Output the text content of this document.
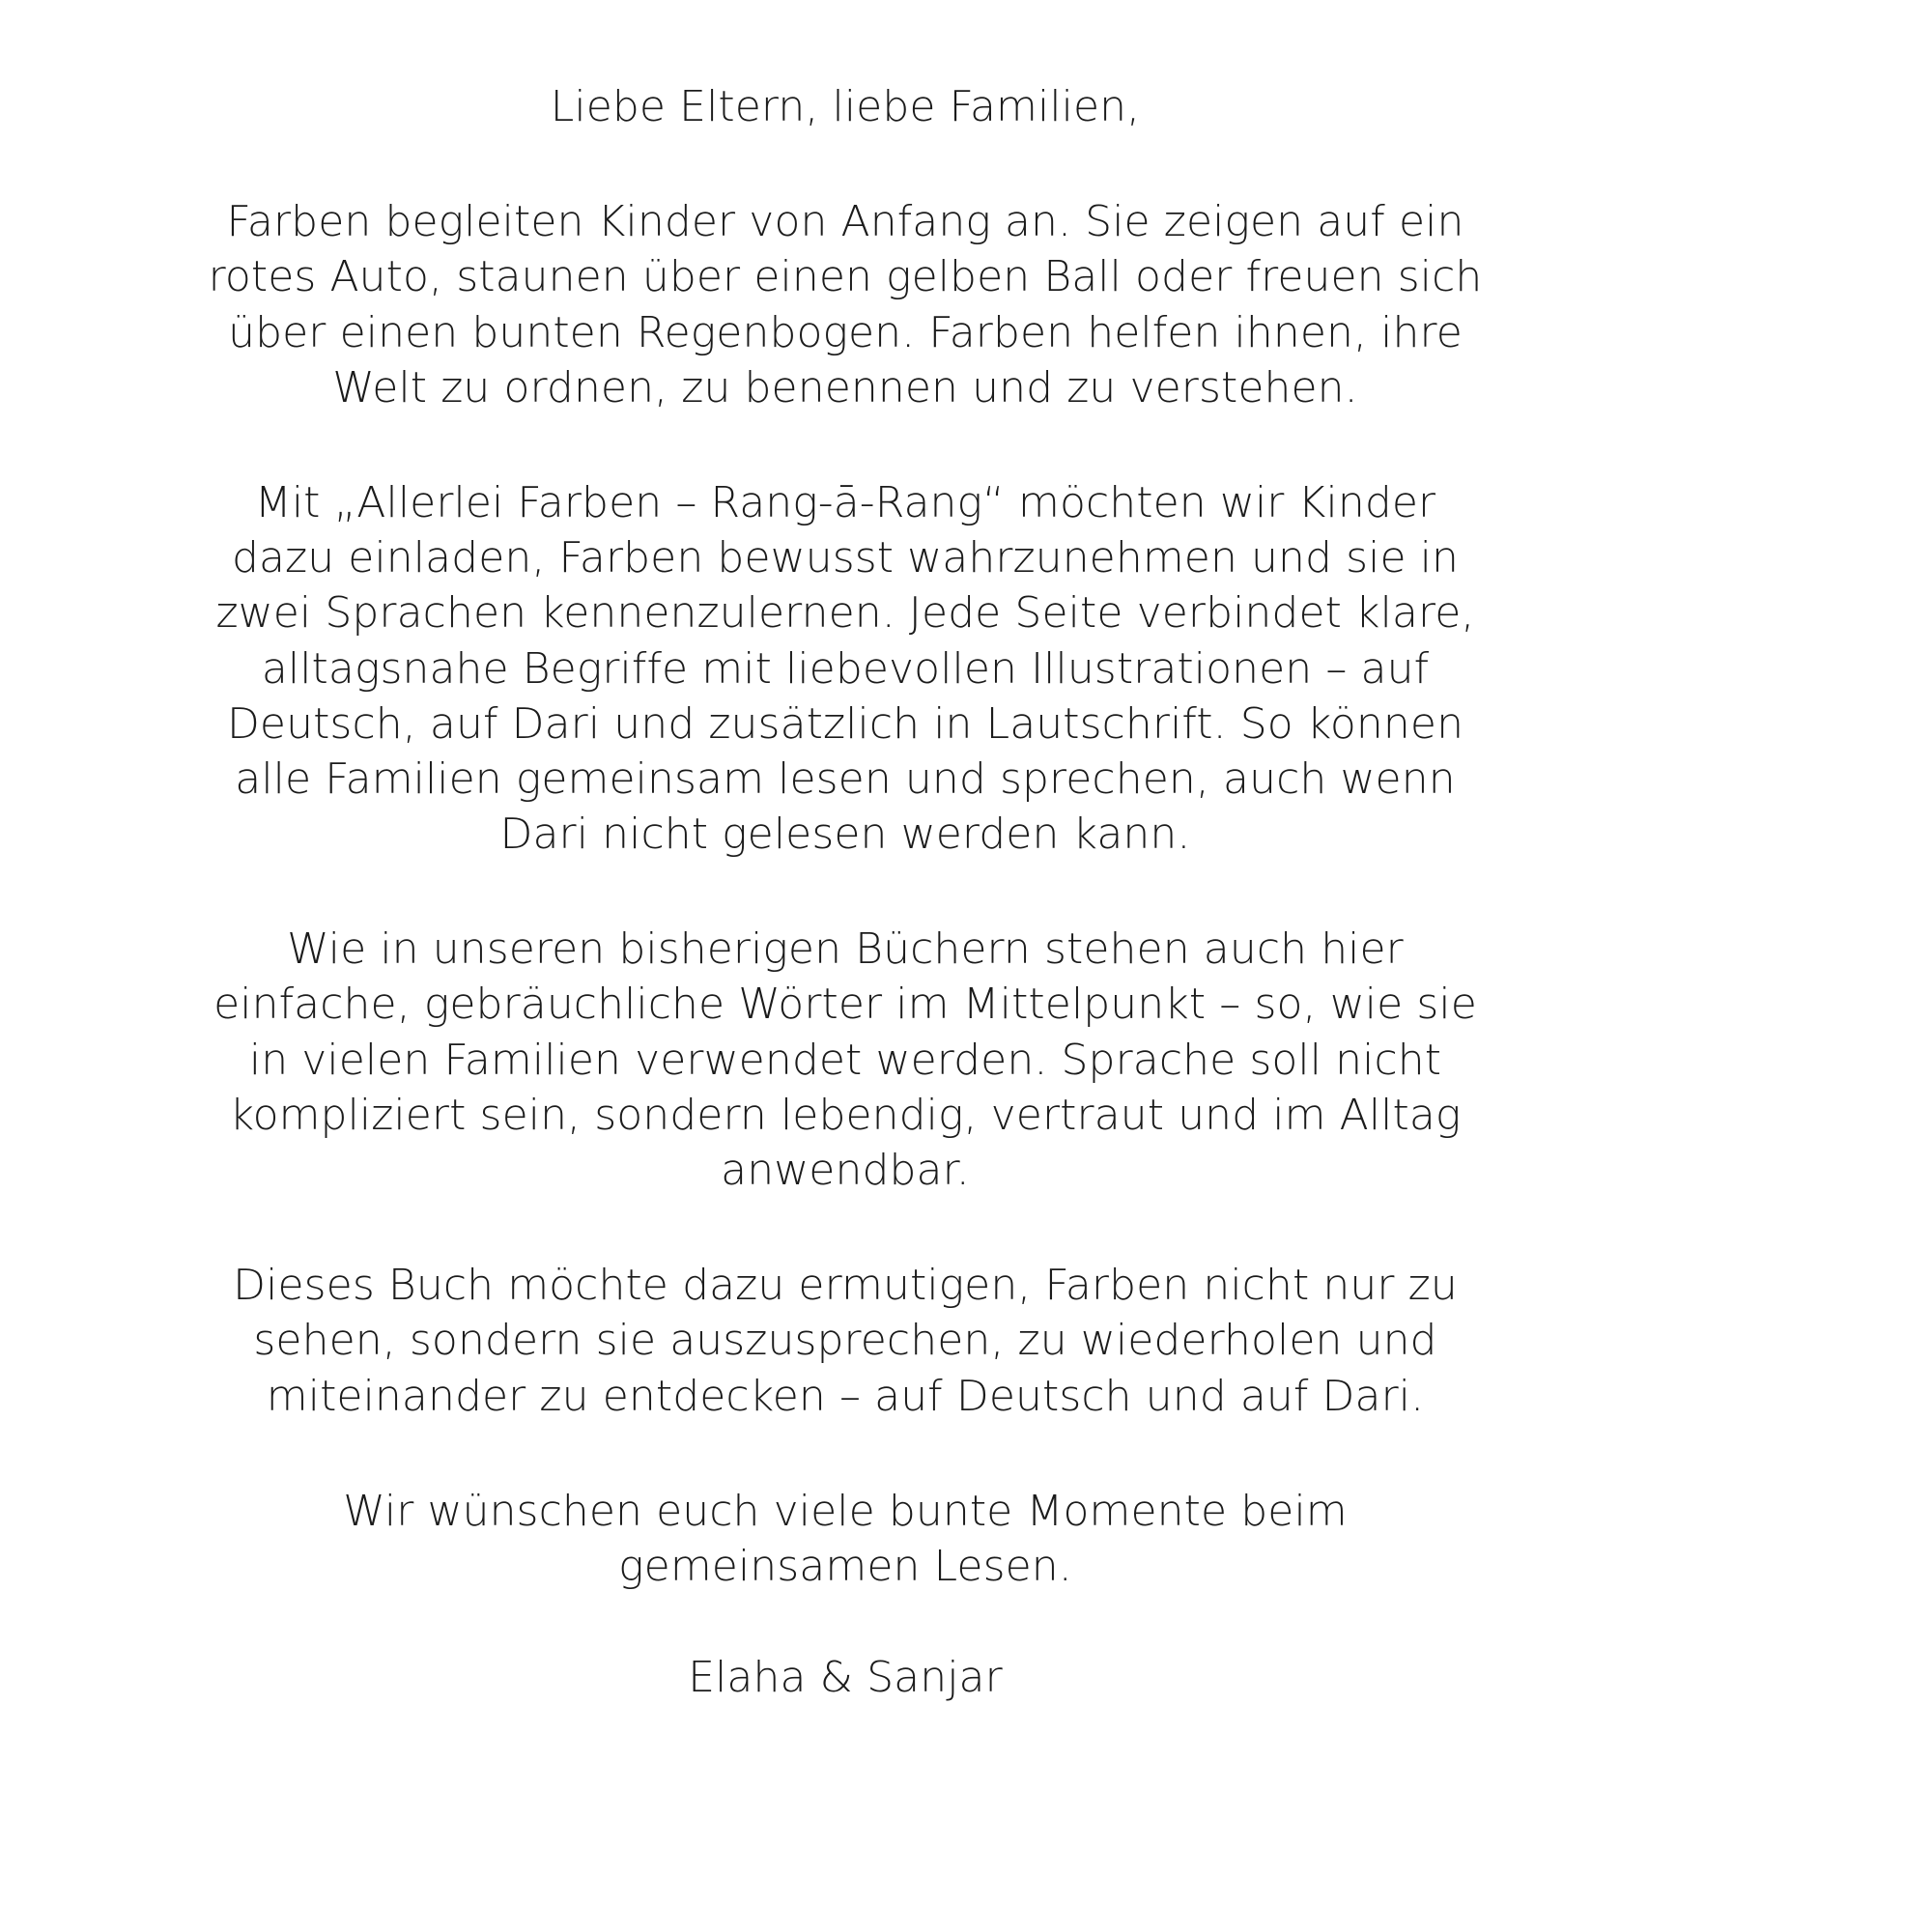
Liebe Eltern, liebe Familien,

Farben begleiten Kinder von Anfang an. Sie zeigen auf ein rotes Auto, staunen über einen gelben Ball oder freuen sich über einen bunten Regenbogen. Farben helfen ihnen, ihre Welt zu ordnen, zu benennen und zu verstehen.

Mit „Allerlei Farben – Rang-ā-Rang“ möchten wir Kinder dazu einladen, Farben bewusst wahrzunehmen und sie in zwei Sprachen kennenzulernen. Jede Seite verbindet klare, alltagsnahe Begriffe mit liebevollen Illustrationen – auf Deutsch, auf Dari und zusätzlich in Lautschrift. So können alle Familien gemeinsam lesen und sprechen, auch wenn Dari nicht gelesen werden kann.

Wie in unseren bisherigen Büchern stehen auch hier einfache, gebräuchliche Wörter im Mittelpunkt – so, wie sie in vielen Familien verwendet werden. Sprache soll nicht kompliziert sein, sondern lebendig, vertraut und im Alltag anwendbar.

Dieses Buch möchte dazu ermutigen, Farben nicht nur zu sehen, sondern sie auszusprechen, zu wiederholen und miteinander zu entdecken – auf Deutsch und auf Dari.

Wir wünschen euch viele bunte Momente beim gemeinsamen Lesen.

Elaha & Sanjar
